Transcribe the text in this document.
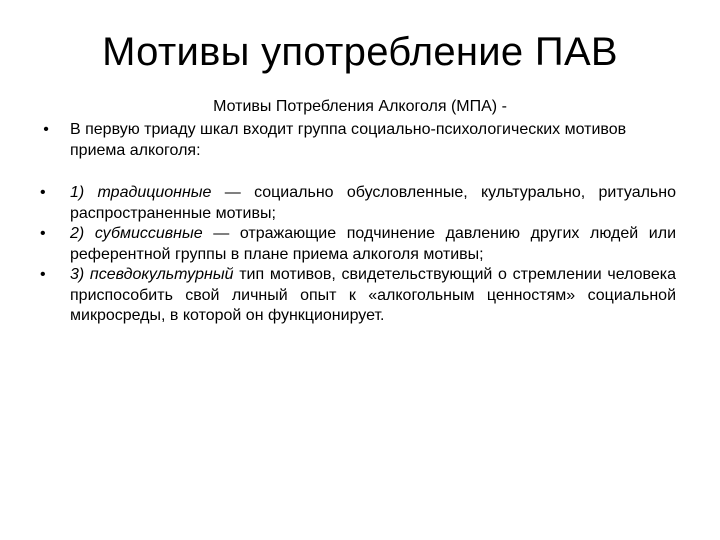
Мотивы употребление ПАВ
Мотивы Потребления Алкоголя (МПА) -
• В первую триаду шкал входит группа социально-психологических мотивов приема алкоголя:
•	1) традиционные — социально обусловленные, культурально, ритуально распространенные мотивы;
•	2) субмиссивные — отражающие подчинение давлению других людей или референтной группы в плане приема алкоголя мотивы;
•	3) псевдокультурный тип мотивов, свидетельствующий о стремлении человека приспособить свой личный опыт к «алкогольным ценностям» социальной микросреды, в которой он функционирует.
